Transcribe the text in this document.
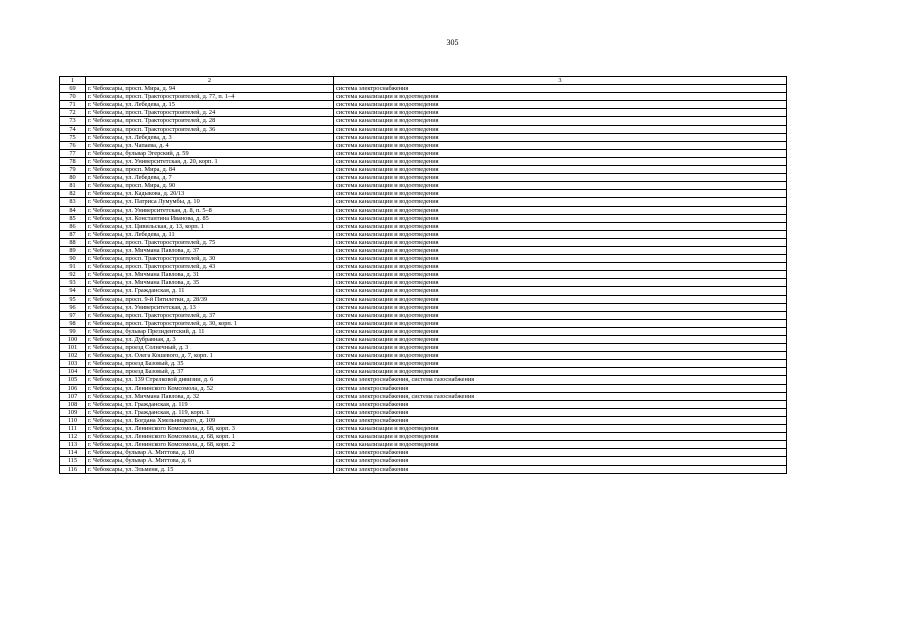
305
1	2	3
69	г. Чебоксары, просп. Мира, д. 94	система электроснабжения
70	г. Чебоксары, просп. Тракторостроителей, д. 77, п. 1–4	система канализации и водоотведения
71	г. Чебоксары, ул. Лебедева, д. 15	система канализации и водоотведения
72	г. Чебоксары, просп. Тракторостроителей, д. 24	система канализации и водоотведения
73	г. Чебоксары, просп. Тракторостроителей, д. 28	система канализации и водоотведения
74	г. Чебоксары, просп. Тракторостроителей, д. 36	система канализации и водоотведения
75	г. Чебоксары, ул. Лебедева, д. 3	система канализации и водоотведения
76	г. Чебоксары, ул. Чапаева, д. 4	система канализации и водоотведения
77	г. Чебоксары, бульвар Эгерский, д. 59	система канализации и водоотведения
78	г. Чебоксары, ул. Университетская, д. 20, корп. 1	система канализации и водоотведения
79	г. Чебоксары, просп. Мира, д. 84	система канализации и водоотведения
80	г. Чебоксары, ул. Лебедева, д. 7	система канализации и водоотведения
81	г. Чебоксары, просп. Мира, д. 90	система канализации и водоотведения
82	г. Чебоксары, ул. Кадыкова, д. 20/13	система канализации и водоотведения
83	г. Чебоксары, ул. Патриса Лумумбы, д. 10	система канализации и водоотведения
84	г. Чебоксары, ул. Университетская, д. 8, п. 5–8	система канализации и водоотведения
85	г. Чебоксары, ул. Константина Иванова, д. 85	система канализации и водоотведения
86	г. Чебоксары, ул. Цивильская, д. 13, корп. 1	система канализации и водоотведения
87	г. Чебоксары, ул. Лебедева, д. 11	система канализации и водоотведения
88	г. Чебоксары, просп. Тракторостроителей, д. 75	система канализации и водоотведения
89	г. Чебоксары, ул. Мичмана Павлова, д. 37	система канализации и водоотведения
90	г. Чебоксары, просп. Тракторостроителей, д. 30	система канализации и водоотведения
91	г. Чебоксары, просп. Тракторостроителей, д. 43	система канализации и водоотведения
92	г. Чебоксары, ул. Мичмана Павлова, д. 31	система канализации и водоотведения
93	г. Чебоксары, ул. Мичмана Павлова, д. 35	система канализации и водоотведения
94	г. Чебоксары, ул. Гражданская, д. 11	система канализации и водоотведения
95	г. Чебоксары, просп. 9-й Пятилетки, д. 28/39	система канализации и водоотведения
96	г. Чебоксары, ул. Университетская, д. 13	система канализации и водоотведения
97	г. Чебоксары, просп. Тракторостроителей, д. 37	система канализации и водоотведения
98	г. Чебоксары, просп. Тракторостроителей, д. 30, корп. 1	система канализации и водоотведения
99	г. Чебоксары, бульвар Президентский, д. 11	система канализации и водоотведения
100	г. Чебоксары, ул. Дубравная, д. 3	система канализации и водоотведения
101	г. Чебоксары, проезд Солнечный, д. 3	система канализации и водоотведения
102	г. Чебоксары, ул. Олега Кошевого, д. 7, корп. 1	система канализации и водоотведения
103	г. Чебоксары, проезд Базовый, д. 35	система канализации и водоотведения
104	г. Чебоксары, проезд Базовый, д. 37	система канализации и водоотведения
105	г. Чебоксары, ул. 139 Стрелковой дивизии, д. 6	система электроснабжения, система газоснабжения
106	г. Чебоксары, ул. Ленинского Комсомола, д. 52	система электроснабжения
107	г. Чебоксары, ул. Мичмана Павлова, д. 32	система электроснабжения, система газоснабжения
108	г. Чебоксары, ул. Гражданская, д. 119	система электроснабжения
109	г. Чебоксары, ул. Гражданская, д. 119, корп. 1	система электроснабжения
110	г. Чебоксары, ул. Богдана Хмельницкого, д. 109	система электроснабжения
111	г. Чебоксары, ул. Ленинского Комсомола, д. 68, корп. 3	система канализации и водоотведения
112	г. Чебоксары, ул. Ленинского Комсомола, д. 68, корп. 1	система канализации и водоотведения
113	г. Чебоксары, ул. Ленинского Комсомола, д. 68, корп. 2	система канализации и водоотведения
114	г. Чебоксары, бульвар А. Миттова, д. 10	система электроснабжения
115	г. Чебоксары, бульвар А. Миттова, д. 6	система электроснабжения
116	г. Чебоксары, ул. Эльменя, д. 15	система электроснабжения
